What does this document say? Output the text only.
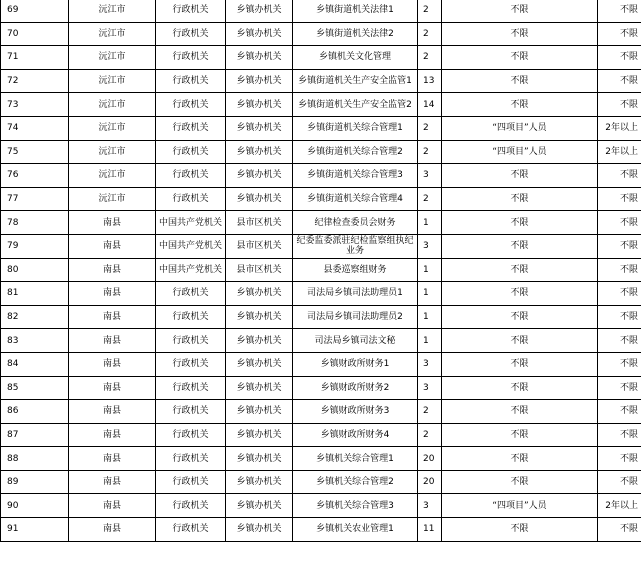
69	沅江市	行政机关	乡镇办机关	乡镇街道机关法律1	2	不限	不限
70	沅江市	行政机关	乡镇办机关	乡镇街道机关法律2	2	不限	不限
71	沅江市	行政机关	乡镇办机关	乡镇机关文化管理	2	不限	不限
72	沅江市	行政机关	乡镇办机关	乡镇街道机关生产安全监管1	13	不限	不限
73	沅江市	行政机关	乡镇办机关	乡镇街道机关生产安全监管2	14	不限	不限
74	沅江市	行政机关	乡镇办机关	乡镇街道机关综合管理1	2	“四项目”人员	2年以上
75	沅江市	行政机关	乡镇办机关	乡镇街道机关综合管理2	2	“四项目”人员	2年以上
76	沅江市	行政机关	乡镇办机关	乡镇街道机关综合管理3	3	不限	不限
77	沅江市	行政机关	乡镇办机关	乡镇街道机关综合管理4	2	不限	不限
78	南县	中国共产党机关	县市区机关	纪律检查委员会财务	1	不限	不限
79	南县	中国共产党机关	县市区机关	纪委监委派驻纪检监察组执纪业务	3	不限	不限
80	南县	中国共产党机关	县市区机关	县委巡察组财务	1	不限	不限
81	南县	行政机关	乡镇办机关	司法局乡镇司法助理员1	1	不限	不限
82	南县	行政机关	乡镇办机关	司法局乡镇司法助理员2	1	不限	不限
83	南县	行政机关	乡镇办机关	司法局乡镇司法文秘	1	不限	不限
84	南县	行政机关	乡镇办机关	乡镇财政所财务1	3	不限	不限
85	南县	行政机关	乡镇办机关	乡镇财政所财务2	3	不限	不限
86	南县	行政机关	乡镇办机关	乡镇财政所财务3	2	不限	不限
87	南县	行政机关	乡镇办机关	乡镇财政所财务4	2	不限	不限
88	南县	行政机关	乡镇办机关	乡镇机关综合管理1	20	不限	不限
89	南县	行政机关	乡镇办机关	乡镇机关综合管理2	20	不限	不限
90	南县	行政机关	乡镇办机关	乡镇机关综合管理3	3	“四项目”人员	2年以上
91	南县	行政机关	乡镇办机关	乡镇机关农业管理1	11	不限	不限
